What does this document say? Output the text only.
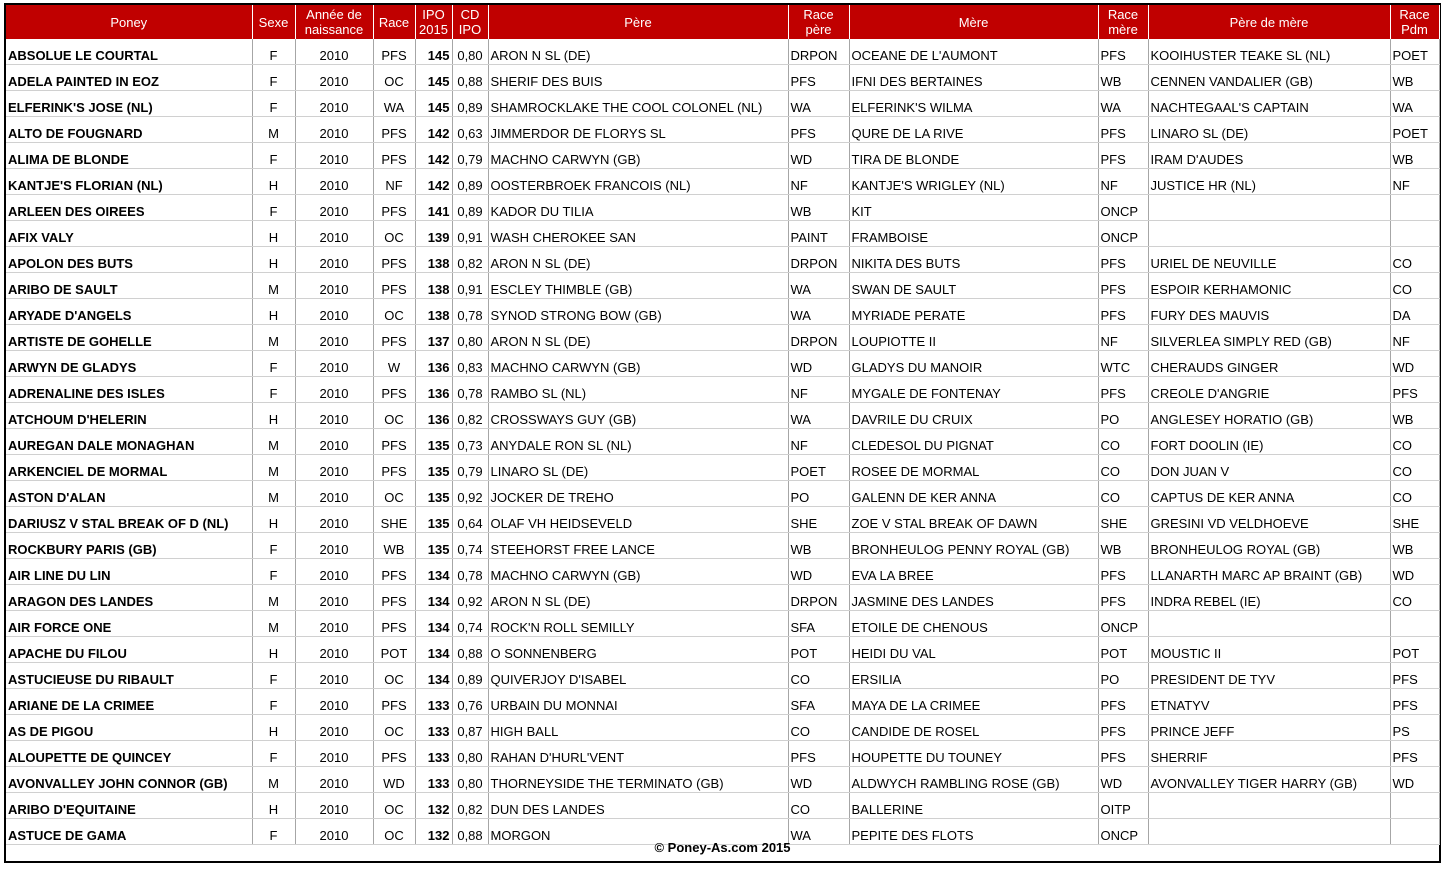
Poney	Sexe	Année de naissance	Race	IPO 2015	CD IPO	Père	Race père	Mère	Race mère	Père de mère	Race Pdm
ABSOLUE LE COURTAL	F	2010	PFS	145	0,80	ARON N SL (DE)	DRPON	OCEANE DE L'AUMONT	PFS	KOOIHUSTER TEAKE SL (NL)	POET
ADELA PAINTED IN EOZ	F	2010	OC	145	0,88	SHERIF DES BUIS	PFS	IFNI DES BERTAINES	WB	CENNEN VANDALIER (GB)	WB
ELFERINK'S JOSE (NL)	F	2010	WA	145	0,89	SHAMROCKLAKE THE COOL COLONEL (NL)	WA	ELFERINK'S WILMA	WA	NACHTEGAAL'S CAPTAIN	WA
ALTO DE FOUGNARD	M	2010	PFS	142	0,63	JIMMERDOR DE FLORYS SL	PFS	QURE DE LA RIVE	PFS	LINARO SL (DE)	POET
ALIMA DE BLONDE	F	2010	PFS	142	0,79	MACHNO CARWYN (GB)	WD	TIRA DE BLONDE	PFS	IRAM D'AUDES	WB
KANTJE'S FLORIAN (NL)	H	2010	NF	142	0,89	OOSTERBROEK FRANCOIS (NL)	NF	KANTJE'S WRIGLEY (NL)	NF	JUSTICE HR (NL)	NF
ARLEEN DES OIREES	F	2010	PFS	141	0,89	KADOR DU TILIA	WB	KIT	ONCP		
AFIX VALY	H	2010	OC	139	0,91	WASH CHEROKEE SAN	PAINT	FRAMBOISE	ONCP		
APOLON DES BUTS	H	2010	PFS	138	0,82	ARON N SL (DE)	DRPON	NIKITA DES BUTS	PFS	URIEL DE NEUVILLE	CO
ARIBO DE SAULT	M	2010	PFS	138	0,91	ESCLEY THIMBLE (GB)	WA	SWAN DE SAULT	PFS	ESPOIR KERHAMONIC	CO
ARYADE D'ANGELS	H	2010	OC	138	0,78	SYNOD STRONG BOW (GB)	WA	MYRIADE PERATE	PFS	FURY DES MAUVIS	DA
ARTISTE DE GOHELLE	M	2010	PFS	137	0,80	ARON N SL (DE)	DRPON	LOUPIOTTE II	NF	SILVERLEA SIMPLY RED (GB)	NF
ARWYN DE GLADYS	F	2010	W	136	0,83	MACHNO CARWYN (GB)	WD	GLADYS DU MANOIR	WTC	CHERAUDS GINGER	WD
ADRENALINE DES ISLES	F	2010	PFS	136	0,78	RAMBO SL (NL)	NF	MYGALE DE FONTENAY	PFS	CREOLE D'ANGRIE	PFS
ATCHOUM D'HELERIN	H	2010	OC	136	0,82	CROSSWAYS GUY (GB)	WA	DAVRILE DU CRUIX	PO	ANGLESEY HORATIO (GB)	WB
AUREGAN DALE MONAGHAN	M	2010	PFS	135	0,73	ANYDALE RON SL (NL)	NF	CLEDESOL DU PIGNAT	CO	FORT DOOLIN (IE)	CO
ARKENCIEL DE MORMAL	M	2010	PFS	135	0,79	LINARO SL (DE)	POET	ROSEE DE MORMAL	CO	DON JUAN V	CO
ASTON D'ALAN	M	2010	OC	135	0,92	JOCKER DE TREHO	PO	GALENN DE KER ANNA	CO	CAPTUS DE KER ANNA	CO
DARIUSZ V STAL BREAK OF D (NL)	H	2010	SHE	135	0,64	OLAF VH HEIDSEVELD	SHE	ZOE V STAL BREAK OF DAWN	SHE	GRESINI VD VELDHOEVE	SHE
ROCKBURY PARIS (GB)	F	2010	WB	135	0,74	STEEHORST FREE LANCE	WB	BRONHEULOG PENNY ROYAL (GB)	WB	BRONHEULOG ROYAL (GB)	WB
AIR LINE DU LIN	F	2010	PFS	134	0,78	MACHNO CARWYN (GB)	WD	EVA LA BREE	PFS	LLANARTH MARC AP BRAINT (GB)	WD
ARAGON DES LANDES	M	2010	PFS	134	0,92	ARON N SL (DE)	DRPON	JASMINE DES LANDES	PFS	INDRA REBEL (IE)	CO
AIR FORCE ONE	M	2010	PFS	134	0,74	ROCK'N ROLL SEMILLY	SFA	ETOILE DE CHENOUS	ONCP		
APACHE DU FILOU	H	2010	POT	134	0,88	O SONNENBERG	POT	HEIDI DU VAL	POT	MOUSTIC II	POT
ASTUCIEUSE DU RIBAULT	F	2010	OC	134	0,89	QUIVERJOY D'ISABEL	CO	ERSILIA	PO	PRESIDENT DE TYV	PFS
ARIANE DE LA CRIMEE	F	2010	PFS	133	0,76	URBAIN DU MONNAI	SFA	MAYA DE LA CRIMEE	PFS	ETNATYV	PFS
AS DE PIGOU	H	2010	OC	133	0,87	HIGH BALL	CO	CANDIDE DE ROSEL	PFS	PRINCE JEFF	PS
ALOUPETTE DE QUINCEY	F	2010	PFS	133	0,80	RAHAN D'HURL'VENT	PFS	HOUPETTE DU TOUNEY	PFS	SHERRIF	PFS
AVONVALLEY JOHN CONNOR (GB)	M	2010	WD	133	0,80	THORNEYSIDE THE TERMINATO (GB)	WD	ALDWYCH RAMBLING ROSE (GB)	WD	AVONVALLEY TIGER HARRY (GB)	WD
ARIBO D'EQUITAINE	H	2010	OC	132	0,82	DUN DES LANDES	CO	BALLERINE	OITP		
ASTUCE DE GAMA	F	2010	OC	132	0,88	MORGON	WA	PEPITE DES FLOTS	ONCP		
© Poney-As.com 2015
